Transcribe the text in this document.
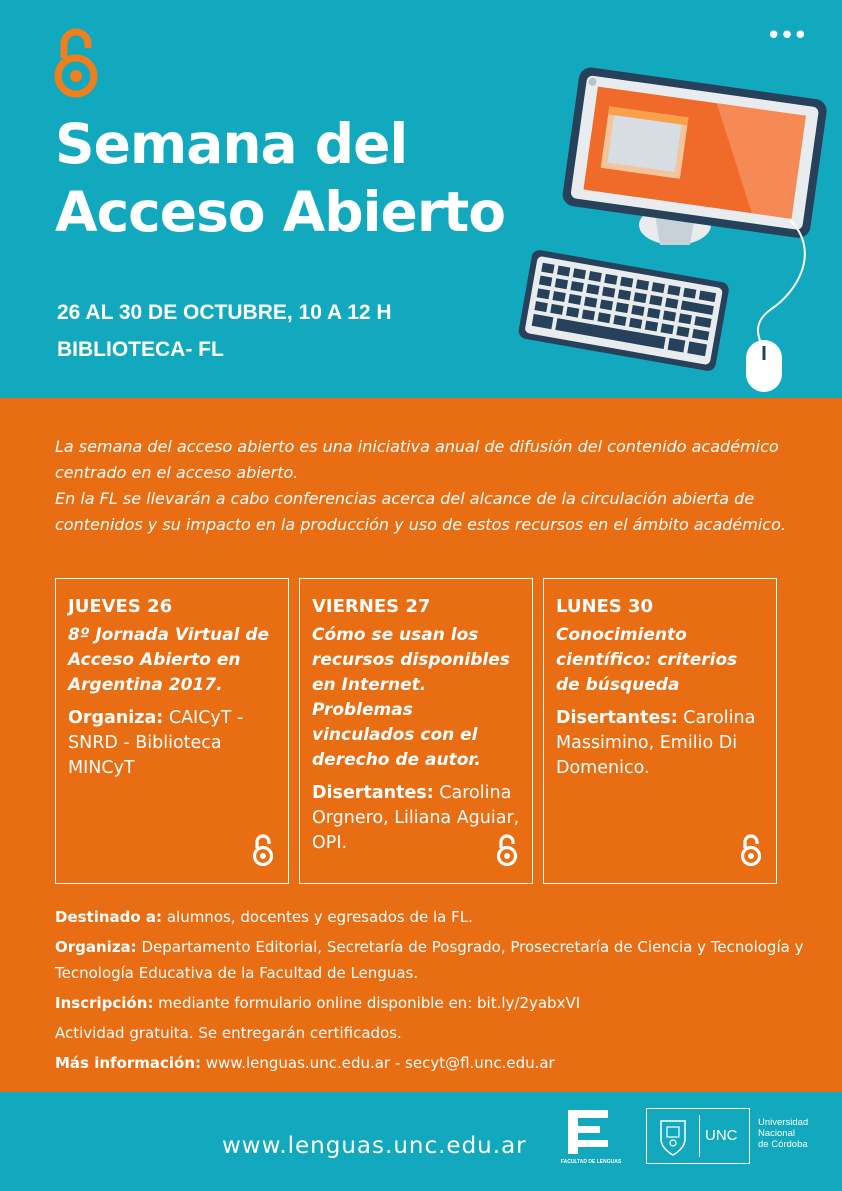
•••
Semana del
Acceso Abierto
26 AL 30 DE OCTUBRE, 10 A 12 H
BIBLIOTECA- FL

La semana del acceso abierto es una iniciativa anual de difusión del contenido académico centrado en el acceso abierto.

En la FL se llevarán a cabo conferencias acerca del alcance de la circulación abierta de contenidos y su impacto en la producción y uso de estos recursos en el ámbito académico.

JUEVES 26
8º Jornada Virtual de Acceso Abierto en Argentina 2017.
Organiza: CAICyT - SNRD - Biblioteca MINCyT
VIERNES 27
Cómo se usan los recursos disponibles en Internet. Problemas vinculados con el derecho de autor.
Disertantes: Carolina Orgnero, Liliana Aguiar, OPI.
LUNES 30
Conocimiento científico: criterios de búsqueda
Disertantes: Carolina Massimino, Emilio Di Domenico.

Destinado a: alumnos, docentes y egresados de la FL.

Organiza: Departamento Editorial, Secretaría de Posgrado, Prosecretaría de Ciencia y Tecnología y Tecnología Educativa de la Facultad de Lenguas.

Inscripción: mediante formulario online disponible en: bit.ly/2yabxVI

Actividad gratuita. Se entregarán certificados.

Más información: www.lenguas.unc.edu.ar - secyt@fl.unc.edu.ar

www.lenguas.unc.edu.ar
FACULTAD DE LENGUAS
UNC
Universidad
Nacional
de Córdoba
